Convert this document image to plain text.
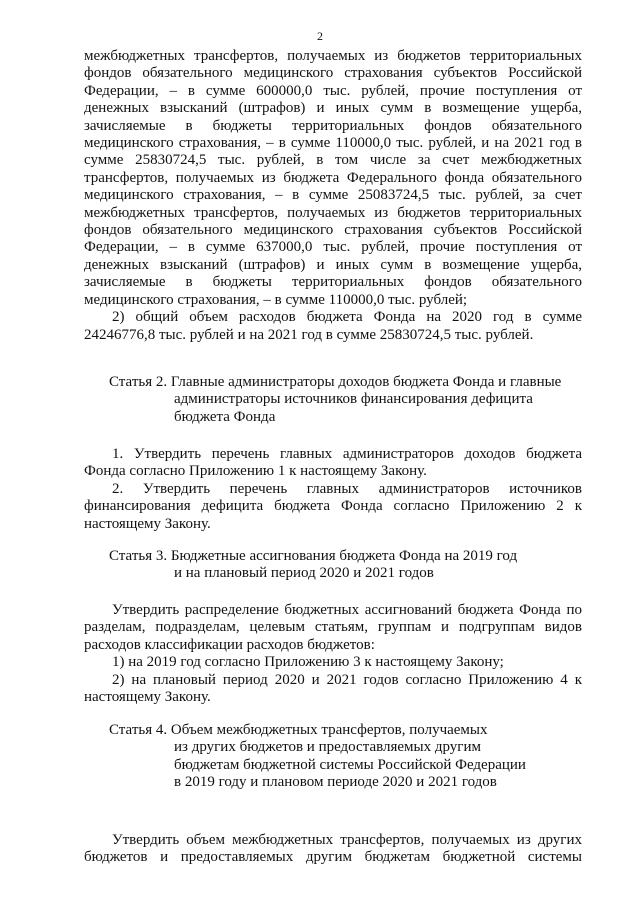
2

межбюджетных трансфертов, получаемых из бюджетов территориальных фондов обязательного медицинского страхования субъектов Российской Федерации, – в сумме 600000,0 тыс. рублей, прочие поступления от денежных взысканий (штрафов) и иных сумм в возмещение ущерба, зачисляемые в бюджеты территориальных фондов обязательного медицинского страхования, – в сумме 110000,0 тыс. рублей, и на 2021 год в сумме 25830724,5 тыс. рублей, в том числе за счет межбюджетных трансфертов, получаемых из бюджета Федерального фонда обязательного медицинского страхования, – в сумме 25083724,5 тыс. рублей, за счет межбюджетных трансфертов, получаемых из бюджетов территориальных фондов обязательного медицинского страхования субъектов Российской Федерации, – в сумме 637000,0 тыс. рублей, прочие поступления от денежных взысканий (штрафов) и иных сумм в возмещение ущерба, зачисляемые в бюджеты территориальных фондов обязательного медицинского страхования, – в сумме 110000,0 тыс. рублей;

2) общий объем расходов бюджета Фонда на 2020 год в сумме 24246776,8 тыс. рублей и на 2021 год в сумме 25830724,5 тыс. рублей.

Статья 2. Главные администраторы доходов бюджета Фонда и главные
администраторы источников финансирования дефицита
бюджета Фонда

1. Утвердить перечень главных администраторов доходов бюджета Фонда согласно Приложению 1 к настоящему Закону.

2. Утвердить перечень главных администраторов источников финансирования дефицита бюджета Фонда согласно Приложению 2 к настоящему Закону.

Статья 3. Бюджетные ассигнования бюджета Фонда на 2019 год
и на плановый период 2020 и 2021 годов

Утвердить распределение бюджетных ассигнований бюджета Фонда по разделам, подразделам, целевым статьям, группам и подгруппам видов расходов классификации расходов бюджетов:

1) на 2019 год согласно Приложению 3 к настоящему Закону;

2) на плановый период 2020 и 2021 годов согласно Приложению 4 к настоящему Закону.

Статья 4. Объем межбюджетных трансфертов, получаемых
из других бюджетов и предоставляемых другим
бюджетам бюджетной системы Российской Федерации
в 2019 году и плановом периоде 2020 и 2021 годов

Утвердить объем межбюджетных трансфертов, получаемых из других бюджетов и предоставляемых другим бюджетам бюджетной системы
